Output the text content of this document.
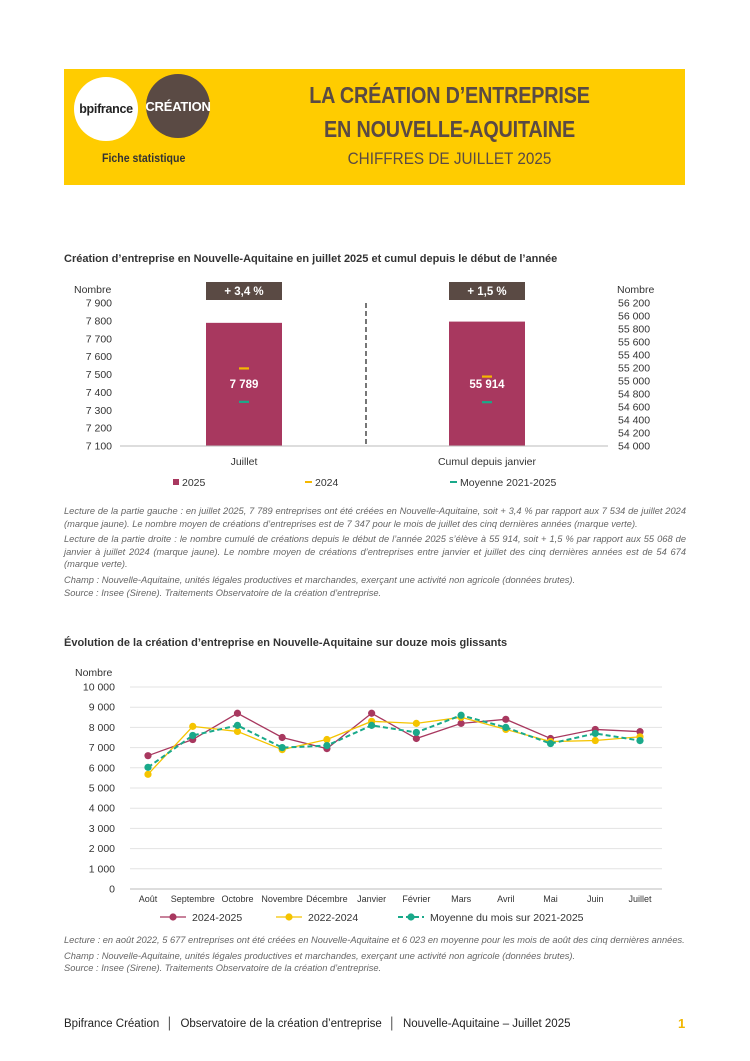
bpifrance CRÉATION
Fiche statistique
LA CRÉATION D’ENTREPRISE
EN NOUVELLE-AQUITAINE
CHIFFRES DE JUILLET 2025
Création d’entreprise en Nouvelle-Aquitaine en juillet 2025 et cumul depuis le début de l’année
Nombre
7 100
7 200
7 300
7 400
7 500
7 600
7 700
7 800
7 900
7 789
+ 3,4 %
Juillet
Nombre
54 000
54 200
54 400
54 600
54 800
55 000
55 200
55 400
55 600
55 800
56 000
56 200
55 914
+ 1,5 %
Cumul depuis janvier
2025	2024	Moyenne 2021-2025

Lecture de la partie gauche : en juillet 2025, 7 789 entreprises ont été créées en Nouvelle-Aquitaine, soit + 3,4 % par rapport aux 7 534 de juillet 2024 (marque jaune). Le nombre moyen de créations d’entreprises est de 7 347 pour le mois de juillet des cinq dernières années (marque verte).

Lecture de la partie droite : le nombre cumulé de créations depuis le début de l’année 2025 s’élève à 55 914, soit + 1,5 % par rapport aux 55 068 de janvier à juillet 2024 (marque jaune). Le nombre moyen de créations d’entreprises entre janvier et juillet des cinq dernières années est de 54 674 (marque verte).

Champ : Nouvelle-Aquitaine, unités légales productives et marchandes, exerçant une activité non agricole (données brutes).

Source : Insee (Sirene). Traitements Observatoire de la création d’entreprise.

Évolution de la création d’entreprise en Nouvelle-Aquitaine sur douze mois glissants
Nombre
0
1 000
2 000
3 000
4 000
5 000
6 000
7 000
8 000
9 000
10 000
Août Septembre Octobre Novembre Décembre Janvier Février Mars	Avril	Mai	Juin	Juillet
2024-2025	2022-2024	Moyenne du mois sur 2021-2025

Lecture : en août 2022, 5 677 entreprises ont été créées en Nouvelle-Aquitaine et 6 023 en moyenne pour les mois de août des cinq dernières années.

Champ : Nouvelle-Aquitaine, unités légales productives et marchandes, exerçant une activité non agricole (données brutes).

Source : Insee (Sirene). Traitements Observatoire de la création d’entreprise.

Bpifrance Création │ Observatoire de la création d’entreprise │ Nouvelle-Aquitaine – Juillet 2025	1
